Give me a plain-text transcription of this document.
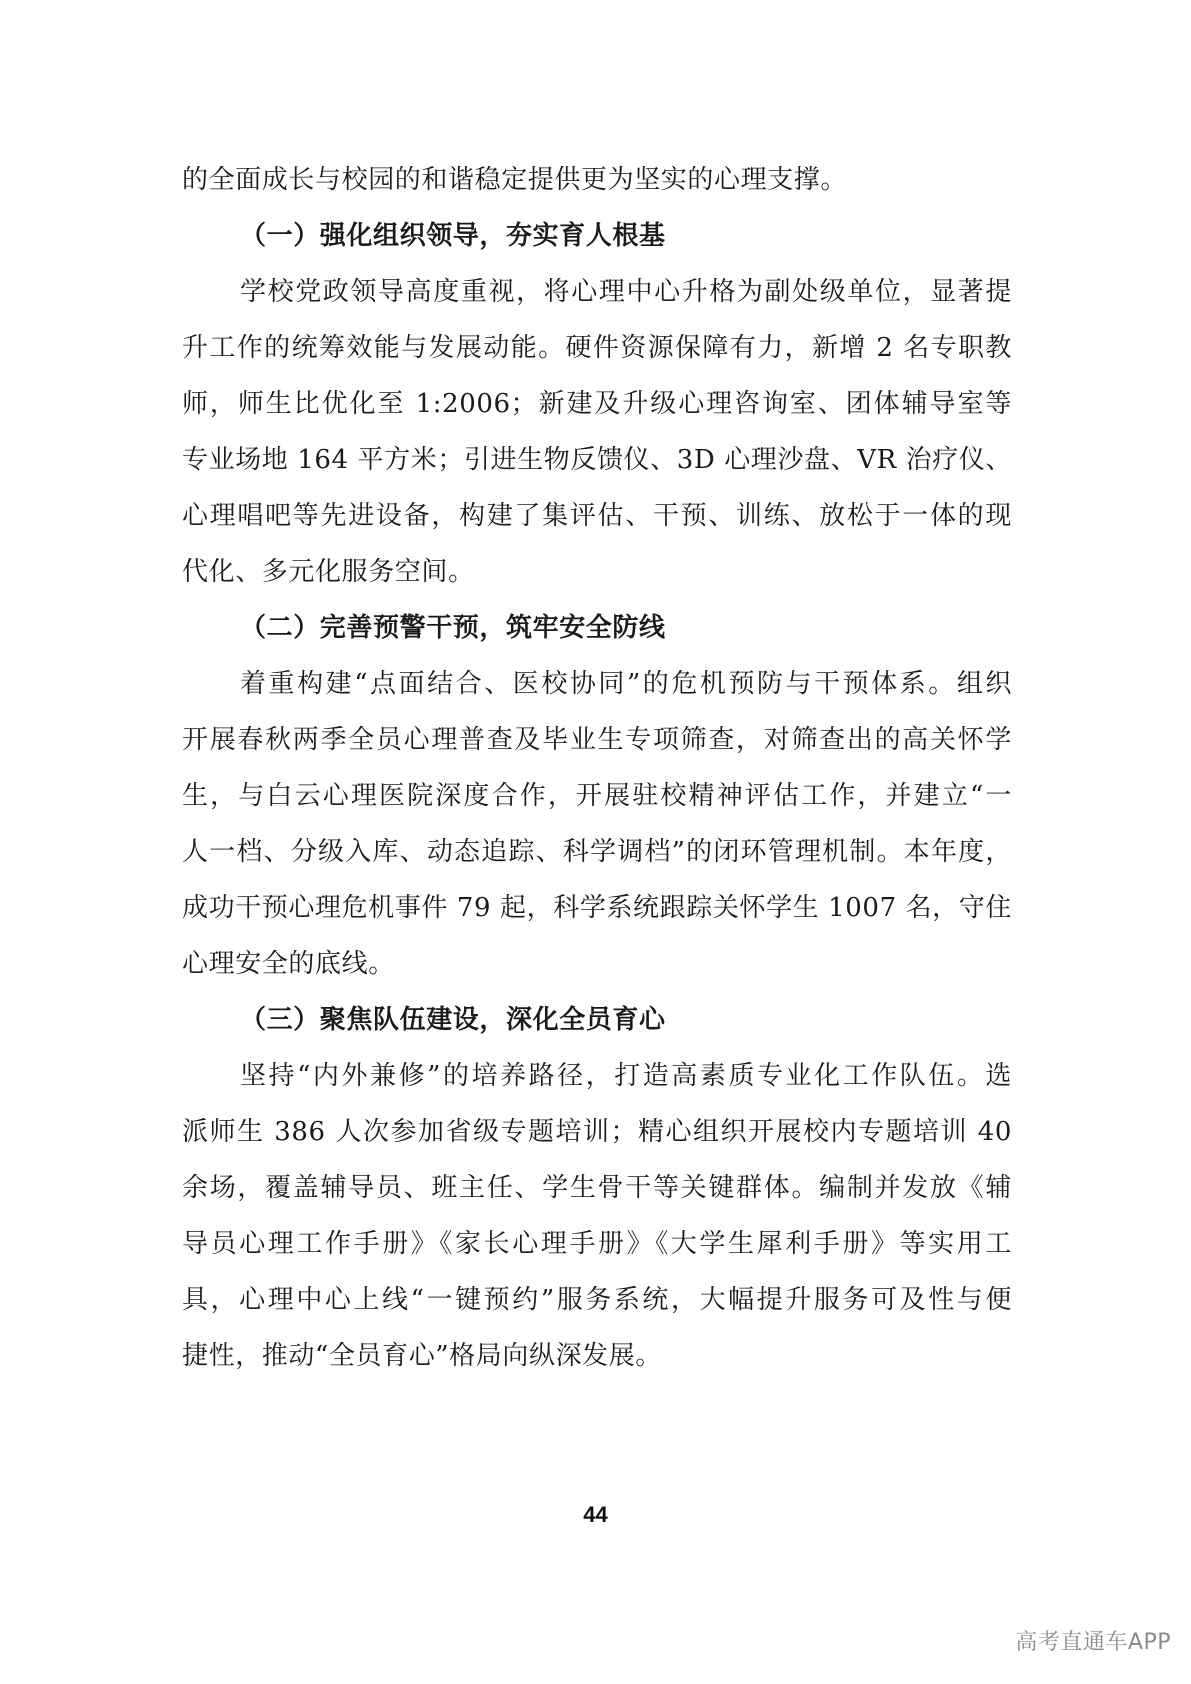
的全面成长与校园的和谐稳定提供更为坚实的心理支撑。
（一）强化组织领导，夯实育人根基
学校党政领导高度重视，将心理中心升格为副处级单位，显著提
升工作的统筹效能与发展动能。硬件资源保障有力，新增 2 名专职教
师，师生比优化至 1:2006；新建及升级心理咨询室、团体辅导室等
专业场地 164 平方米；引进生物反馈仪、3D 心理沙盘、VR 治疗仪、
心理唱吧等先进设备，构建了集评估、干预、训练、放松于一体的现
代化、多元化服务空间。
（二）完善预警干预，筑牢安全防线
着重构建“点面结合、医校协同”的危机预防与干预体系。组织
开展春秋两季全员心理普查及毕业生专项筛查，对筛查出的高关怀学
生，与白云心理医院深度合作，开展驻校精神评估工作，并建立“一
人一档、分级入库、动态追踪、科学调档”的闭环管理机制。本年度，
成功干预心理危机事件 79 起，科学系统跟踪关怀学生 1007 名，守住
心理安全的底线。
（三）聚焦队伍建设，深化全员育心
坚持“内外兼修”的培养路径，打造高素质专业化工作队伍。选
派师生 386 人次参加省级专题培训；精心组织开展校内专题培训 40
余场，覆盖辅导员、班主任、学生骨干等关键群体。编制并发放《辅
导员心理工作手册》《家长心理手册》《大学生犀利手册》等实用工
具，心理中心上线“一键预约”服务系统，大幅提升服务可及性与便
捷性，推动“全员育心”格局向纵深发展。
44
高考直通车APP
